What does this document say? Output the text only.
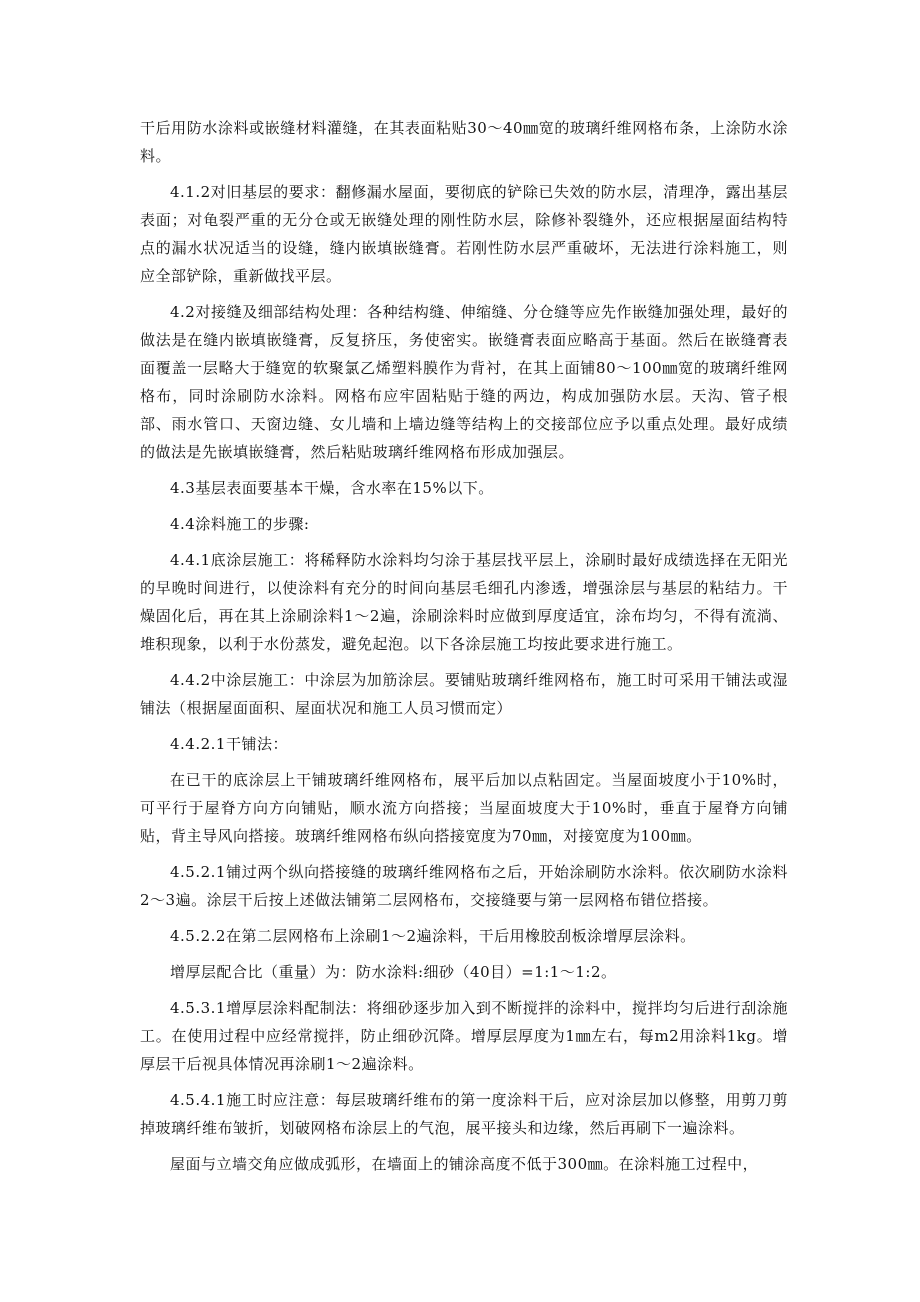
干后用防水涂料或嵌缝材料灌缝，在其表面粘贴30～40㎜宽的玻璃纤维网格布条，上涂防水涂料。

4.1.2对旧基层的要求：翻修漏水屋面，要彻底的铲除已失效的防水层，清理净，露出基层表面；对龟裂严重的无分仓或无嵌缝处理的刚性防水层，除修补裂缝外，还应根据屋面结构特点的漏水状况适当的设缝，缝内嵌填嵌缝膏。若刚性防水层严重破坏，无法进行涂料施工，则应全部铲除，重新做找平层。

4.2对接缝及细部结构处理：各种结构缝、伸缩缝、分仓缝等应先作嵌缝加强处理，最好的做法是在缝内嵌填嵌缝膏，反复挤压，务使密实。嵌缝膏表面应略高于基面。然后在嵌缝膏表面覆盖一层略大于缝宽的软聚氯乙烯塑料膜作为背衬，在其上面铺80～100㎜宽的玻璃纤维网格布，同时涂刷防水涂料。网格布应牢固粘贴于缝的两边，构成加强防水层。天沟、管子根部、雨水管口、天窗边缝、女儿墙和上墙边缝等结构上的交接部位应予以重点处理。最好成绩的做法是先嵌填嵌缝膏，然后粘贴玻璃纤维网格布形成加强层。

4.3基层表面要基本干燥，含水率在15%以下。

4.4涂料施工的步骤:

4.4.1底涂层施工：将稀释防水涂料均匀涂于基层找平层上，涂刷时最好成绩选择在无阳光的早晚时间进行，以使涂料有充分的时间向基层毛细孔内渗透，增强涂层与基层的粘结力。干燥固化后，再在其上涂刷涂料1～2遍，涂刷涂料时应做到厚度适宜，涂布均匀，不得有流淌、堆积现象，以利于水份蒸发，避免起泡。以下各涂层施工均按此要求进行施工。

4.4.2中涂层施工：中涂层为加筋涂层。要铺贴玻璃纤维网格布，施工时可采用干铺法或湿铺法（根据屋面面积、屋面状况和施工人员习惯而定）

4.4.2.1干铺法：

在已干的底涂层上干铺玻璃纤维网格布，展平后加以点粘固定。当屋面坡度小于10%时，可平行于屋脊方向方向铺贴，顺水流方向搭接；当屋面坡度大于10%时，垂直于屋脊方向铺贴，背主导风向搭接。玻璃纤维网格布纵向搭接宽度为70㎜，对接宽度为100㎜。

4.5.2.1铺过两个纵向搭接缝的玻璃纤维网格布之后，开始涂刷防水涂料。依次刷防水涂料2～3遍。涂层干后按上述做法铺第二层网格布，交接缝要与第一层网格布错位搭接。

4.5.2.2在第二层网格布上涂刷1～2遍涂料，干后用橡胶刮板涂增厚层涂料。

增厚层配合比（重量）为：防水涂料:细砂（40目）=1:1～1:2。

4.5.3.1增厚层涂料配制法：将细砂逐步加入到不断搅拌的涂料中，搅拌均匀后进行刮涂施工。在使用过程中应经常搅拌，防止细砂沉降。增厚层厚度为1㎜左右，每m2用涂料1kg。增厚层干后视具体情况再涂刷1～2遍涂料。

4.5.4.1施工时应注意：每层玻璃纤维布的第一度涂料干后，应对涂层加以修整，用剪刀剪掉玻璃纤维布皱折，划破网格布涂层上的气泡，展平接头和边缘，然后再刷下一遍涂料。

屋面与立墙交角应做成弧形，在墙面上的铺涂高度不低于300㎜。在涂料施工过程中，
